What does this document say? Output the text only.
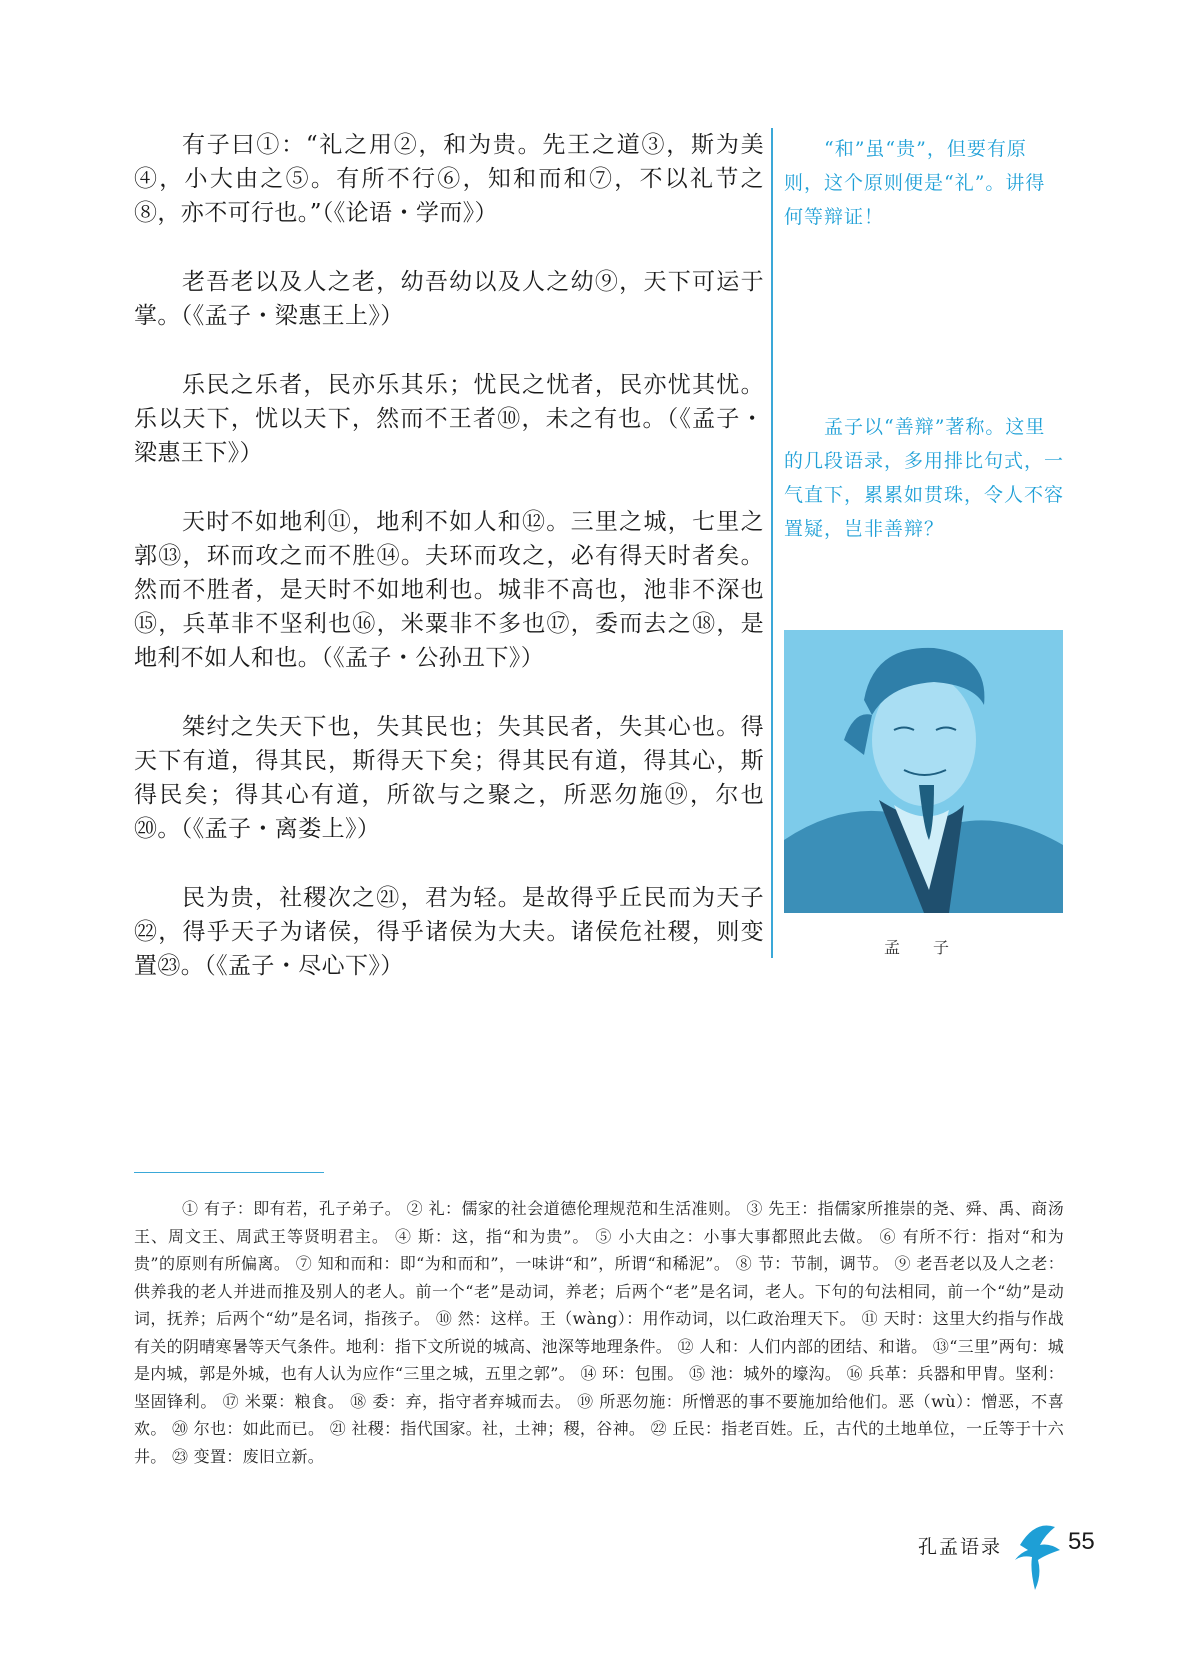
有子曰①：“礼之用②，和为贵。先王之道③，斯为美④，小大由之⑤。有所不行⑥，知和而和⑦，不以礼节之⑧，亦不可行也。”（《论语・学而》）

老吾老以及人之老，幼吾幼以及人之幼⑨，天下可运于掌。（《孟子・梁惠王上》）

乐民之乐者，民亦乐其乐；忧民之忧者，民亦忧其忧。乐以天下，忧以天下，然而不王者⑩，未之有也。（《孟子・梁惠王下》）

天时不如地利⑪，地利不如人和⑫。三里之城，七里之郭⑬，环而攻之而不胜⑭。夫环而攻之，必有得天时者矣。然而不胜者，是天时不如地利也。城非不高也，池非不深也⑮，兵革非不坚利也⑯，米粟非不多也⑰，委而去之⑱，是地利不如人和也。（《孟子・公孙丑下》）

桀纣之失天下也，失其民也；失其民者，失其心也。得天下有道，得其民，斯得天下矣；得其民有道，得其心，斯得民矣；得其心有道，所欲与之聚之，所恶勿施⑲，尔也⑳。（《孟子・离娄上》）

民为贵，社稷次之㉑，君为轻。是故得乎丘民而为天子㉒，得乎天子为诸侯，得乎诸侯为大夫。诸侯危社稷，则变置㉓。（《孟子・尽心下》）

“和”虽“贵”，但要有原则，这个原则便是“礼”。讲得何等辩证！

孟子以“善辩”著称。这里的几段语录，多用排比句式，一气直下，累累如贯珠，令人不容置疑，岂非善辩？

孟 子

① 有子：即有若，孔子弟子。 ② 礼：儒家的社会道德伦理规范和生活准则。 ③ 先王：指儒家所推崇的尧、舜、禹、商汤王、周文王、周武王等贤明君主。 ④ 斯：这，指“和为贵”。 ⑤ 小大由之：小事大事都照此去做。 ⑥ 有所不行：指对“和为贵”的原则有所偏离。 ⑦ 知和而和：即“为和而和”，一味讲“和”，所谓“和稀泥”。 ⑧ 节：节制，调节。 ⑨ 老吾老以及人之老：供养我的老人并进而推及别人的老人。前一个“老”是动词，养老；后两个“老”是名词，老人。下句的句法相同，前一个“幼”是动词，抚养；后两个“幼”是名词，指孩子。 ⑩ 然：这样。王（wàng）：用作动词，以仁政治理天下。 ⑪ 天时：这里大约指与作战有关的阴晴寒暑等天气条件。地利：指下文所说的城高、池深等地理条件。 ⑫ 人和：人们内部的团结、和谐。 ⑬“三里”两句：城是内城，郭是外城，也有人认为应作“三里之城，五里之郭”。 ⑭ 环：包围。 ⑮ 池：城外的壕沟。 ⑯ 兵革：兵器和甲胄。坚利：坚固锋利。 ⑰ 米粟：粮食。 ⑱ 委：弃，指守者弃城而去。 ⑲ 所恶勿施：所憎恶的事不要施加给他们。恶（wù）：憎恶，不喜欢。 ⑳ 尔也：如此而已。 ㉑ 社稷：指代国家。社，土神；稷，谷神。 ㉒ 丘民：指老百姓。丘，古代的土地单位，一丘等于十六井。 ㉓ 变置：废旧立新。

孔孟语录	55
